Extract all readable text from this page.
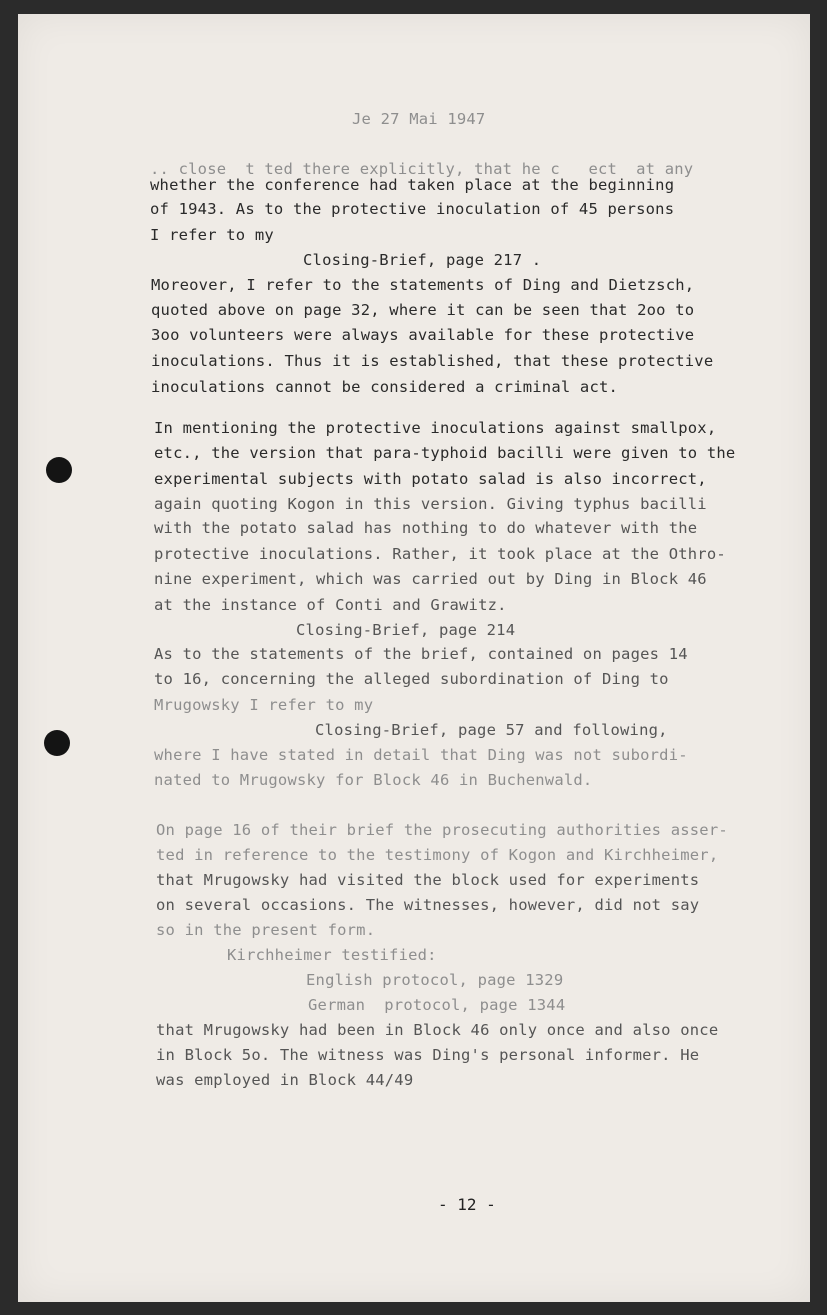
Je 27 Mai 1947
.. close  t ted there explicitly, that he c   ect  at any
whether the conference had taken place at the beginning
of 1943. As to the protective inoculation of 45 persons
I refer to my
Closing-Brief, page 217 .
Moreover, I refer to the statements of Ding and Dietzsch,
quoted above on page 32, where it can be seen that 2oo to
3oo volunteers were always available for these protective
inoculations. Thus it is established, that these protective
inoculations cannot be considered a criminal act.
In mentioning the protective inoculations against smallpox,
etc., the version that para-typhoid bacilli were given to the
experimental subjects with potato salad is also incorrect,
again quoting Kogon in this version. Giving typhus bacilli
with the potato salad has nothing to do whatever with the
protective inoculations. Rather, it took place at the Othro-
nine experiment, which was carried out by Ding in Block 46
at the instance of Conti and Grawitz.
Closing-Brief, page 214
As to the statements of the brief, contained on pages 14
to 16, concerning the alleged subordination of Ding to
Mrugowsky I refer to my
Closing-Brief, page 57 and following,
where I have stated in detail that Ding was not subordi-
nated to Mrugowsky for Block 46 in Buchenwald.
On page 16 of their brief the prosecuting authorities asser-
ted in reference to the testimony of Kogon and Kirchheimer,
that Mrugowsky had visited the block used for experiments
on several occasions. The witnesses, however, did not say
so in the present form.
Kirchheimer testified:
English protocol, page 1329
German  protocol, page 1344
that Mrugowsky had been in Block 46 only once and also once
in Block 5o. The witness was Ding's personal informer. He
was employed in Block 44/49
- 12 -
